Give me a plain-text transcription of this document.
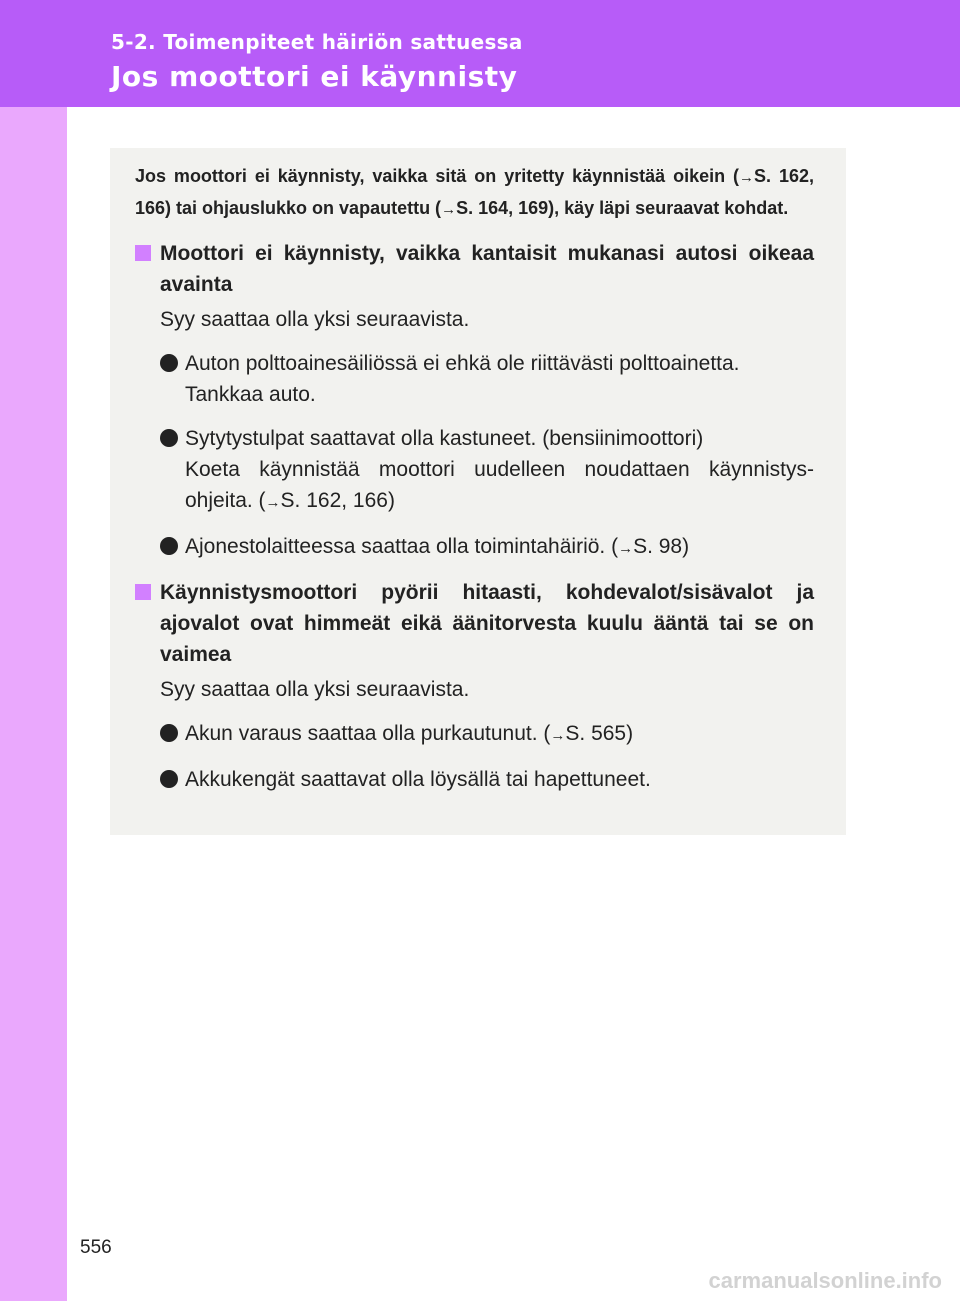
5-2. Toimenpiteet häiriön sattuessa
Jos moottori ei käynnisty

Jos moottori ei käynnisty, vaikka sitä on yritetty käynnistää oikein (→S. 162, 166) tai ohjauslukko on vapautettu (→S. 164, 169), käy läpi seuraavat kohdat.

Moottori ei käynnisty, vaikka kantaisit mukanasi autosi oikeaa avainta
Syy saattaa olla yksi seuraavista.
Auton polttoainesäiliössä ei ehkä ole riittävästi polttoainetta.
Tankkaa auto.
Sytytystulpat saattavat olla kastuneet. (bensiinimoottori)
Koeta käynnistää moottori uudelleen noudattaen käynnistys-ohjeita. (→S. 162, 166)
Ajonestolaitteessa saattaa olla toimintahäiriö. (→S. 98)
Käynnistysmoottori pyörii hitaasti, kohdevalot/sisävalot ja ajovalot ovat himmeät eikä äänitorvesta kuulu ääntä tai se on vaimea
Syy saattaa olla yksi seuraavista.
Akun varaus saattaa olla purkautunut. (→S. 565)
Akkukengät saattavat olla löysällä tai hapettuneet.
556
carmanualsonline.info
